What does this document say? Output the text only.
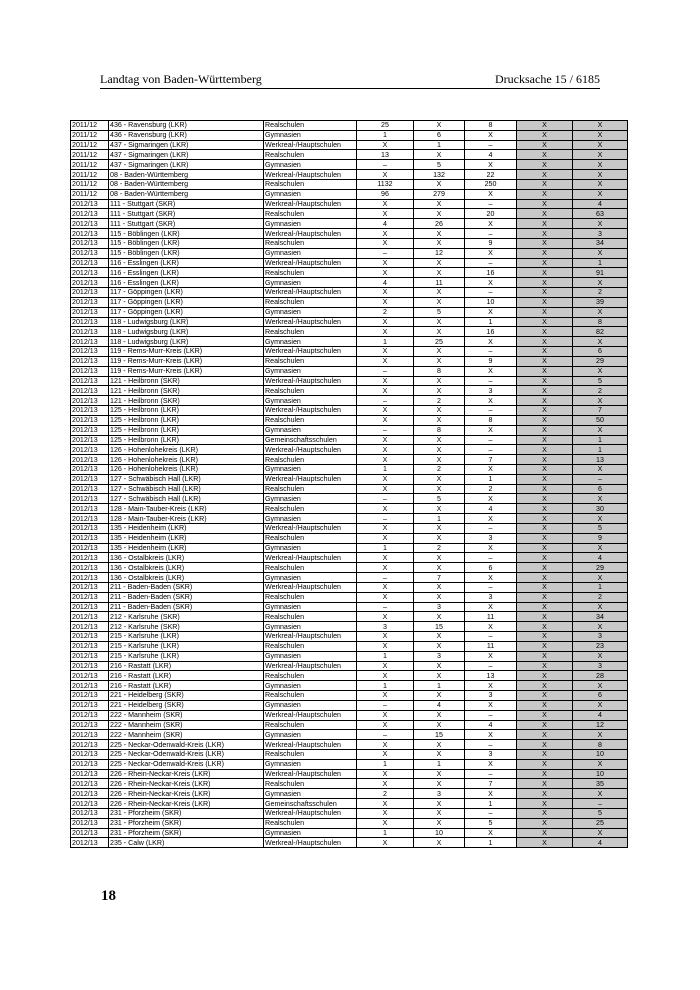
Landtag von Baden-Württemberg	Drucksache 15 / 6185
2011/12	436 - Ravensburg (LKR)	Realschulen	25	X	8	X	X
2011/12	436 - Ravensburg (LKR)	Gymnasien	1	6	X	X	X
2011/12	437 - Sigmaringen (LKR)	Werkreal-/Hauptschulen	X	1	–	X	X
2011/12	437 - Sigmaringen (LKR)	Realschulen	13	X	4	X	X
2011/12	437 - Sigmaringen (LKR)	Gymnasien	–	5	X	X	X
2011/12	08 - Baden-Württemberg	Werkreal-/Hauptschulen	X	132	22	X	X
2011/12	08 - Baden-Württemberg	Realschulen	1132	X	250	X	X
2011/12	08 - Baden-Württemberg	Gymnasien	96	279	X	X	X
2012/13	111 - Stuttgart (SKR)	Werkreal-/Hauptschulen	X	X	–	X	4
2012/13	111 - Stuttgart (SKR)	Realschulen	X	X	20	X	63
2012/13	111 - Stuttgart (SKR)	Gymnasien	4	26	X	X	X
2012/13	115 - Böblingen (LKR)	Werkreal-/Hauptschulen	X	X	–	X	3
2012/13	115 - Böblingen (LKR)	Realschulen	X	X	9	X	34
2012/13	115 - Böblingen (LKR)	Gymnasien	–	12	X	X	X
2012/13	116 - Esslingen (LKR)	Werkreal-/Hauptschulen	X	X	–	X	1
2012/13	116 - Esslingen (LKR)	Realschulen	X	X	16	X	91
2012/13	116 - Esslingen (LKR)	Gymnasien	4	11	X	X	X
2012/13	117 - Göppingen (LKR)	Werkreal-/Hauptschulen	X	X	–	X	2
2012/13	117 - Göppingen (LKR)	Realschulen	X	X	10	X	39
2012/13	117 - Göppingen (LKR)	Gymnasien	2	5	X	X	X
2012/13	118 - Ludwigsburg (LKR)	Werkreal-/Hauptschulen	X	X	1	X	8
2012/13	118 - Ludwigsburg (LKR)	Realschulen	X	X	16	X	82
2012/13	118 - Ludwigsburg (LKR)	Gymnasien	1	25	X	X	X
2012/13	119 - Rems-Murr-Kreis (LKR)	Werkreal-/Hauptschulen	X	X	–	X	6
2012/13	119 - Rems-Murr-Kreis (LKR)	Realschulen	X	X	9	X	29
2012/13	119 - Rems-Murr-Kreis (LKR)	Gymnasien	–	8	X	X	X
2012/13	121 - Heilbronn (SKR)	Werkreal-/Hauptschulen	X	X	–	X	5
2012/13	121 - Heilbronn (SKR)	Realschulen	X	X	3	X	2
2012/13	121 - Heilbronn (SKR)	Gymnasien	–	2	X	X	X
2012/13	125 - Heilbronn (LKR)	Werkreal-/Hauptschulen	X	X	–	X	7
2012/13	125 - Heilbronn (LKR)	Realschulen	X	X	8	X	50
2012/13	125 - Heilbronn (LKR)	Gymnasien	–	8	X	X	X
2012/13	125 - Heilbronn (LKR)	Gemeinschaftsschulen	X	X	–	X	1
2012/13	126 - Hohenlohekreis (LKR)	Werkreal-/Hauptschulen	X	X	–	X	1
2012/13	126 - Hohenlohekreis (LKR)	Realschulen	X	X	7	X	13
2012/13	126 - Hohenlohekreis (LKR)	Gymnasien	1	2	X	X	X
2012/13	127 - Schwäbisch Hall (LKR)	Werkreal-/Hauptschulen	X	X	1	X	–
2012/13	127 - Schwäbisch Hall (LKR)	Realschulen	X	X	2	X	6
2012/13	127 - Schwäbisch Hall (LKR)	Gymnasien	–	5	X	X	X
2012/13	128 - Main-Tauber-Kreis (LKR)	Realschulen	X	X	4	X	30
2012/13	128 - Main-Tauber-Kreis (LKR)	Gymnasien	–	1	X	X	X
2012/13	135 - Heidenheim (LKR)	Werkreal-/Hauptschulen	X	X	–	X	5
2012/13	135 - Heidenheim (LKR)	Realschulen	X	X	3	X	9
2012/13	135 - Heidenheim (LKR)	Gymnasien	1	2	X	X	X
2012/13	136 - Ostalbkreis (LKR)	Werkreal-/Hauptschulen	X	X	–	X	4
2012/13	136 - Ostalbkreis (LKR)	Realschulen	X	X	6	X	29
2012/13	136 - Ostalbkreis (LKR)	Gymnasien	–	7	X	X	X
2012/13	211 - Baden-Baden (SKR)	Werkreal-/Hauptschulen	X	X	–	X	1
2012/13	211 - Baden-Baden (SKR)	Realschulen	X	X	3	X	2
2012/13	211 - Baden-Baden (SKR)	Gymnasien	–	3	X	X	X
2012/13	212 - Karlsruhe (SKR)	Realschulen	X	X	11	X	34
2012/13	212 - Karlsruhe (SKR)	Gymnasien	3	15	X	X	X
2012/13	215 - Karlsruhe (LKR)	Werkreal-/Hauptschulen	X	X	–	X	3
2012/13	215 - Karlsruhe (LKR)	Realschulen	X	X	11	X	23
2012/13	215 - Karlsruhe (LKR)	Gymnasien	1	3	X	X	X
2012/13	216 - Rastatt (LKR)	Werkreal-/Hauptschulen	X	X	–	X	3
2012/13	216 - Rastatt (LKR)	Realschulen	X	X	13	X	28
2012/13	216 - Rastatt (LKR)	Gymnasien	1	1	X	X	X
2012/13	221 - Heidelberg (SKR)	Realschulen	X	X	3	X	6
2012/13	221 - Heidelberg (SKR)	Gymnasien	–	4	X	X	X
2012/13	222 - Mannheim (SKR)	Werkreal-/Hauptschulen	X	X	–	X	4
2012/13	222 - Mannheim (SKR)	Realschulen	X	X	4	X	12
2012/13	222 - Mannheim (SKR)	Gymnasien	–	15	X	X	X
2012/13	225 - Neckar-Odenwald-Kreis (LKR)	Werkreal-/Hauptschulen	X	X	–	X	8
2012/13	225 - Neckar-Odenwald-Kreis (LKR)	Realschulen	X	X	3	X	10
2012/13	225 - Neckar-Odenwald-Kreis (LKR)	Gymnasien	1	1	X	X	X
2012/13	226 - Rhein-Neckar-Kreis (LKR)	Werkreal-/Hauptschulen	X	X	–	X	10
2012/13	226 - Rhein-Neckar-Kreis (LKR)	Realschulen	X	X	7	X	35
2012/13	226 - Rhein-Neckar-Kreis (LKR)	Gymnasien	2	3	X	X	X
2012/13	226 - Rhein-Neckar-Kreis (LKR)	Gemeinschaftsschulen	X	X	1	X	–
2012/13	231 - Pforzheim (SKR)	Werkreal-/Hauptschulen	X	X	–	X	5
2012/13	231 - Pforzheim (SKR)	Realschulen	X	X	5	X	25
2012/13	231 - Pforzheim (SKR)	Gymnasien	1	10	X	X	X
2012/13	235 - Calw (LKR)	Werkreal-/Hauptschulen	X	X	1	X	4
18
